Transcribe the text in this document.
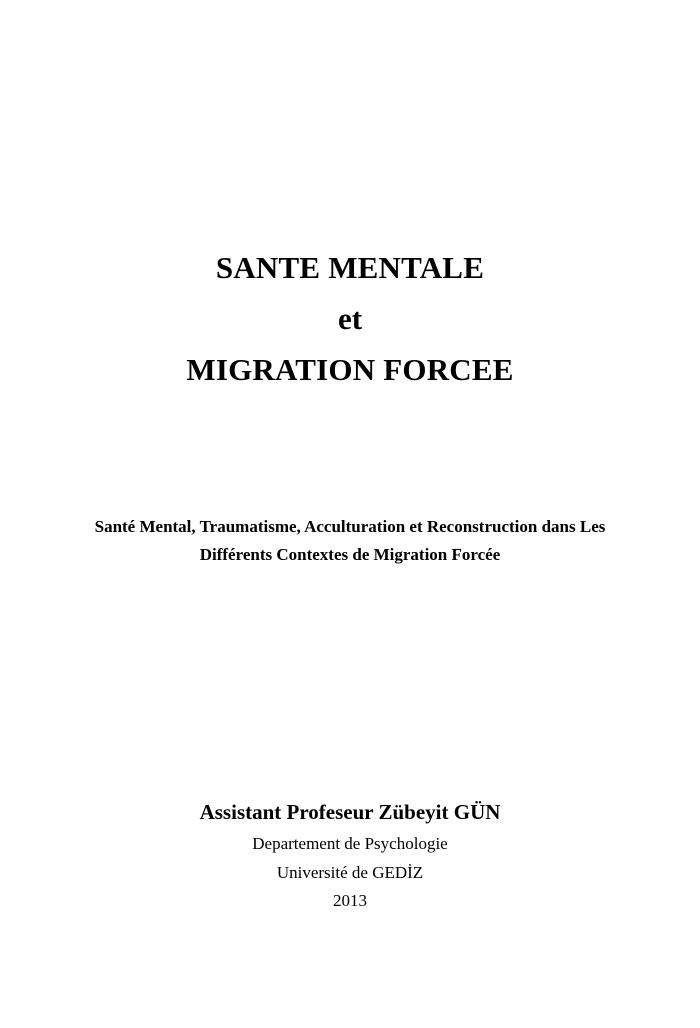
SANTE MENTALE
et
MIGRATION FORCEE
Santé Mental, Traumatisme, Acculturation et Reconstruction dans Les
Différents Contextes de Migration Forcée
Assistant Profeseur Zübeyit GÜN
Departement de Psychologie
Université de GEDİZ
2013
